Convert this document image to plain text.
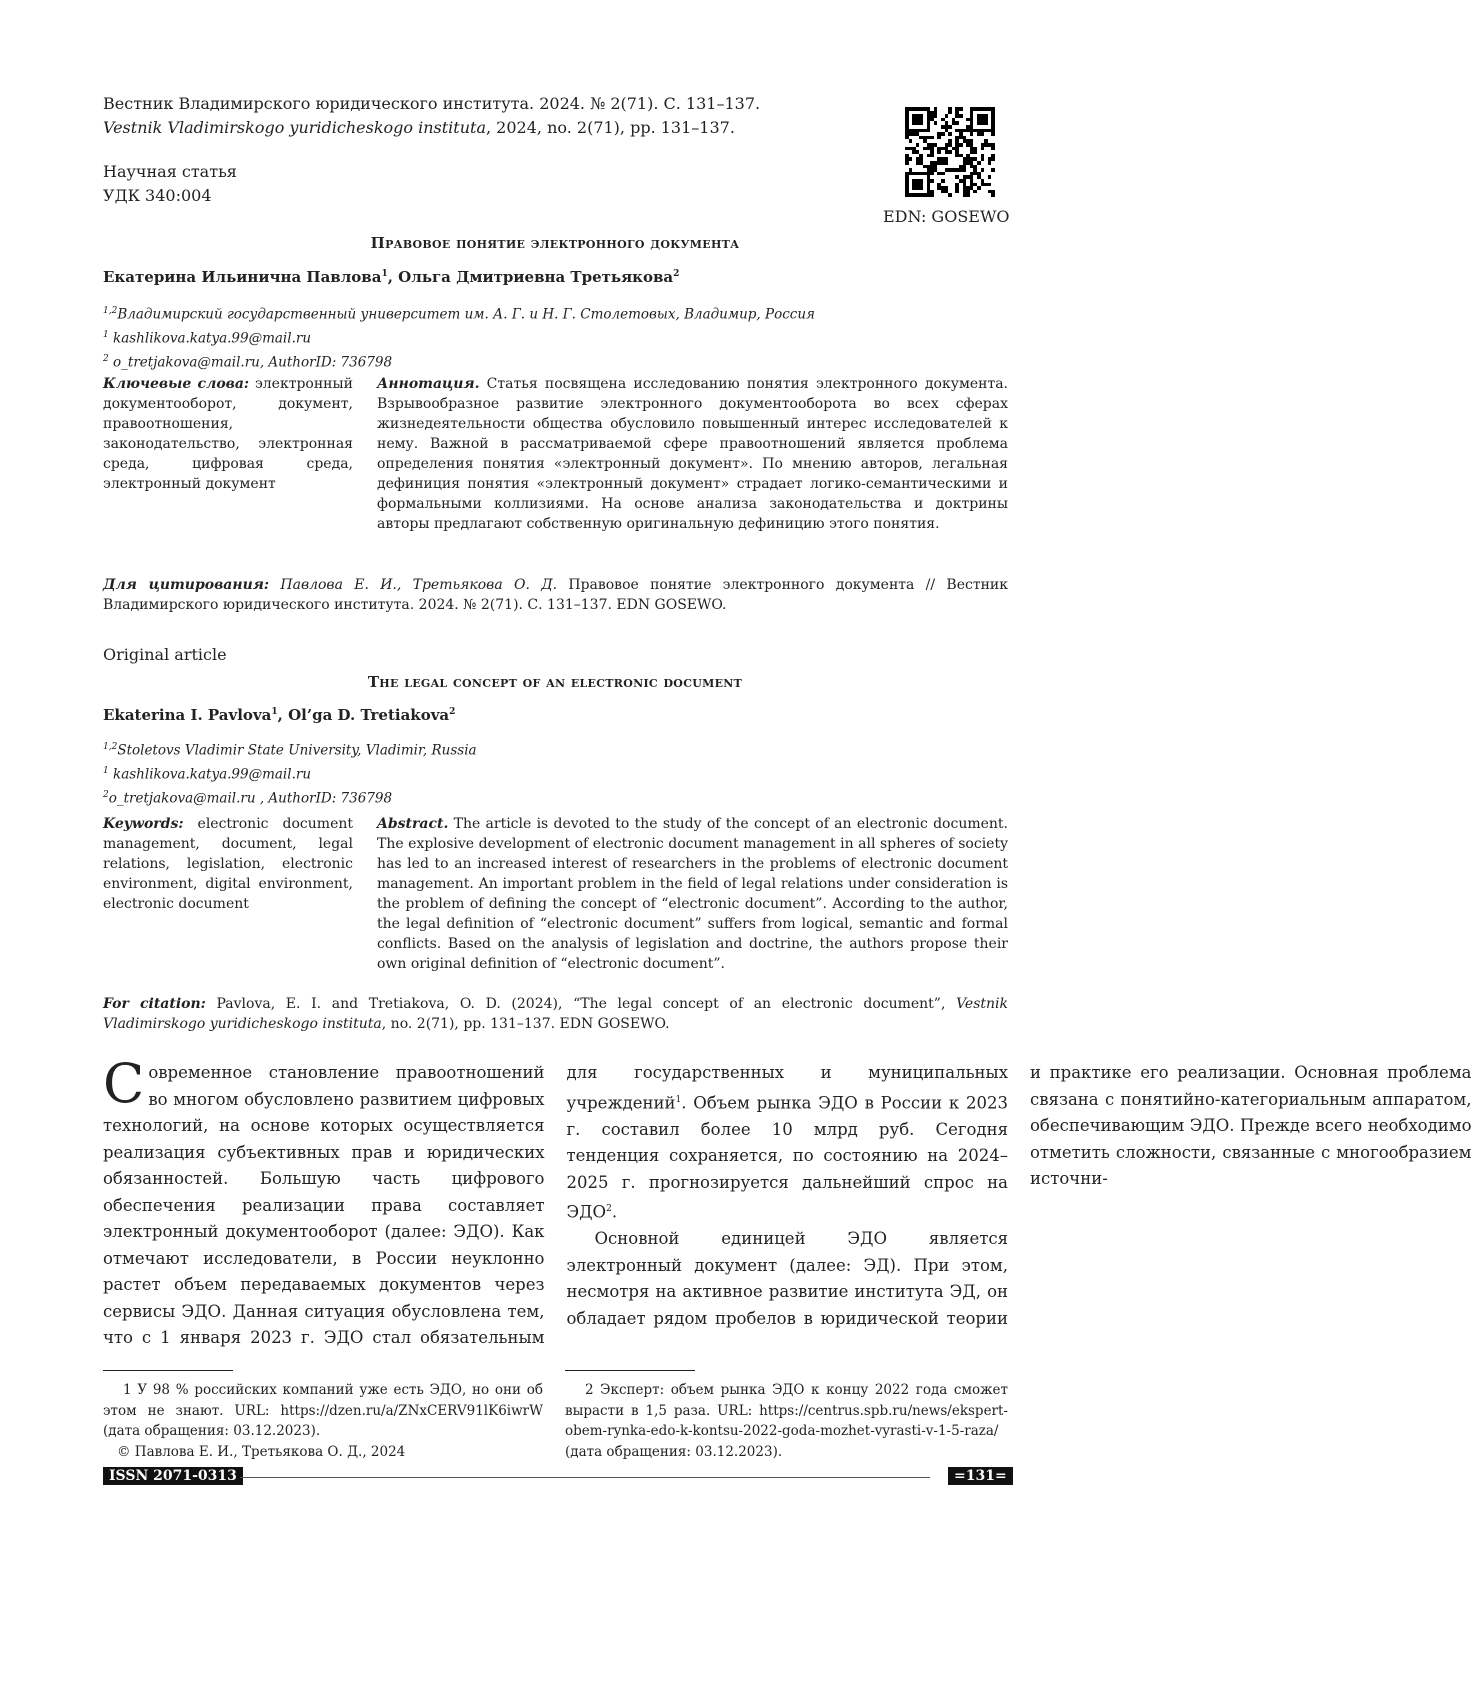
Вестник Владимирского юридического института. 2024. № 2(71). С. 131–137.
Vestnik Vladimirskogo yuridicheskogo instituta, 2024, no. 2(71), pp. 131–137.
Научная статья
УДК 340:004
EDN: GOSEWO
Правовое понятие электронного документа
Екатерина Ильинична Павлова1, Ольга Дмитриевна Третьякова2
1,2Владимирский государственный университет им. А. Г. и Н. Г. Столетовых, Владимир, Россия
1 kashlikova.katya.99@mail.ru
2 o_tretjakova@mail.ru, AuthorID: 736798
Ключевые слова: электронный документооборот, документ, правоотношения, законодательство, электронная среда, цифровая среда, электронный документ
Аннотация. Статья посвящена исследованию понятия электронного документа. Взрывообразное развитие электронного документооборота во всех сферах жизнедеятельности общества обусловило повышенный интерес исследователей к нему. Важной в рассматриваемой сфере правоотношений является проблема определения понятия «электронный документ». По мнению авторов, легальная дефиниция понятия «электронный документ» страдает логико-семантическими и формальными коллизиями. На основе анализа законодательства и доктрины авторы предлагают собственную оригинальную дефиницию этого понятия.
Для цитирования: Павлова Е. И., Третьякова О. Д. Правовое понятие электронного документа // Вестник Владимирского юридического института. 2024. № 2(71). С. 131–137. EDN GOSEWO.
Original article
The legal concept of an electronic document
Ekaterina I. Pavlova1, Ol’ga D. Tretiakova2
1,2Stoletovs Vladimir State University, Vladimir, Russia
1 kashlikova.katya.99@mail.ru
2o_tretjakova@mail.ru , AuthorID: 736798
Keywords: electronic document management, document, legal relations, legislation, electronic environment, digital environment, electronic document
Abstract. The article is devoted to the study of the concept of an electronic document. The explosive development of electronic document management in all spheres of society has led to an increased interest of researchers in the problems of electronic document management. An important problem in the field of legal relations under consideration is the problem of defining the concept of “electronic document”. According to the author, the legal definition of “electronic document” suffers from logical, semantic and formal conflicts. Based on the analysis of legislation and doctrine, the authors propose their own original definition of “electronic document”.
For citation: Pavlova, E. I. and Tretiakova, O. D. (2024), “The legal concept of an electronic document”, Vestnik Vladimirskogo yuridicheskogo instituta, no. 2(71), pp. 131–137. EDN GOSEWO.

С овременное становление правоотношений во многом обусловлено развитием цифровых технологий, на основе которых осуществляется реализация субъективных прав и юридических обязанностей. Большую часть цифрового обеспечения реализации права составляет электронный документооборот (далее: ЭДО). Как отмечают исследователи, в России неуклонно растет объем передаваемых документов через сервисы ЭДО. Данная ситуация обусловлена тем, что с 1 января 2023 г. ЭДО стал обязательным для государственных и муниципальных учреждений1. Объем рынка ЭДО в России к 2023 г. составил более 10 млрд руб. Сегодня тенденция сохраняется, по состоянию на 2024–2025 г. прогнозируется дальнейший спрос на ЭДО2.

Основной единицей ЭДО является электронный документ (далее: ЭД). При этом, несмотря на активное развитие института ЭД, он обладает рядом пробелов в юридической теории и практике его реализации. Основная проблема связана с понятийно-категориальным аппаратом, обеспечивающим ЭДО. Прежде всего необходимо отметить сложности, связанные с многообразием источни-

1 У 98 % российских компаний уже есть ЭДО, но они об этом не знают. URL: https://dzen.ru/a/ZNxCERV91lK6iwrW (дата обращения: 03.12.2023).
© Павлова Е. И., Третьякова О. Д., 2024
2 Эксперт: объем рынка ЭДО к концу 2022 года сможет вырасти в 1,5 раза. URL: https://centrus.spb.ru/news/ekspert-obem-rynka-edo-k-kontsu-2022-goda-mozhet-vyrasti-v-1-5-raza/ (дата обращения: 03.12.2023).
ISSN 2071-0313	=131=
